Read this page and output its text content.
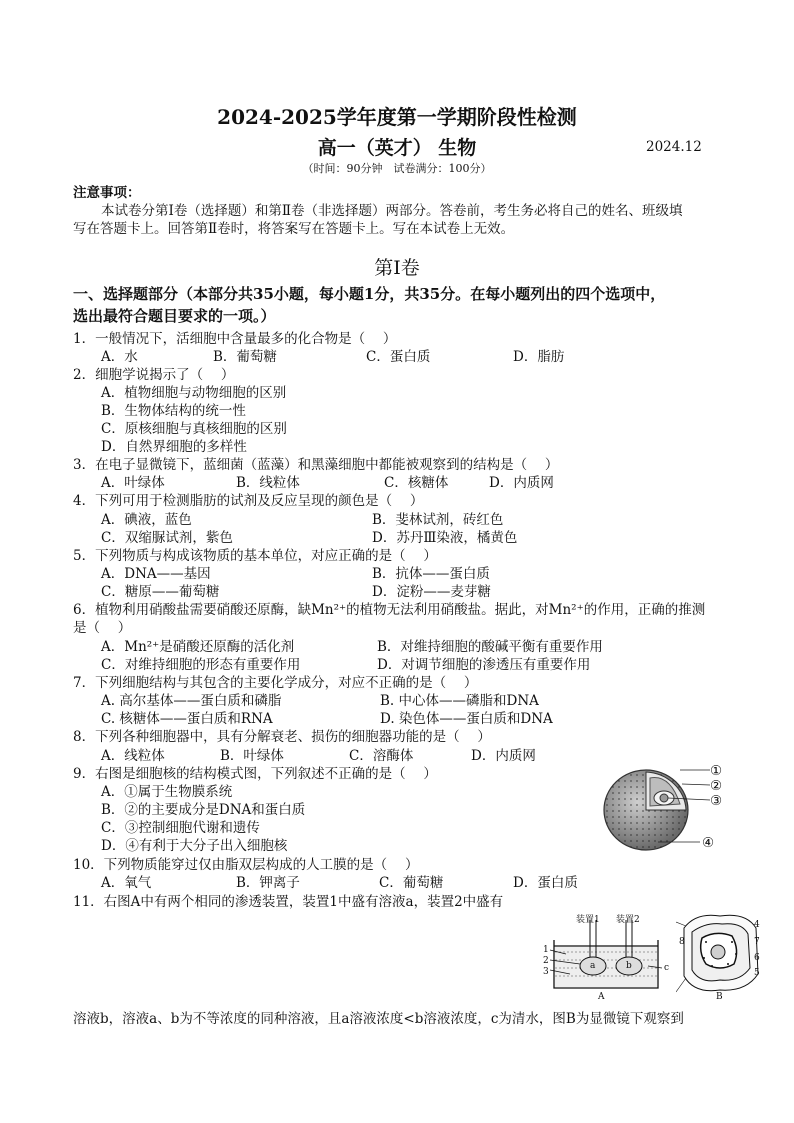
2024-2025学年度第一学期阶段性检测
高一（英才） 生物	2024.12
（时间：90分钟　试卷满分：100分）
注意事项：
本试卷分第Ⅰ卷（选择题）和第Ⅱ卷（非选择题）两部分。答卷前，考生务必将自己的姓名、班级填
写在答题卡上。回答第Ⅱ卷时，将答案写在答题卡上。写在本试卷上无效。
第Ⅰ卷
一、选择题部分（本部分共35小题，每小题1分，共35分。在每小题列出的四个选项中，
选出最符合题目要求的一项。）
1．一般情况下，活细胞中含量最多的化合物是（　 ）
A．水	B．葡萄糖	C．蛋白质	D．脂肪
2．细胞学说揭示了（　 ）
A．植物细胞与动物细胞的区别
B．生物体结构的统一性
C．原核细胞与真核细胞的区别
D．自然界细胞的多样性
3．在电子显微镜下，蓝细菌（蓝藻）和黑藻细胞中都能被观察到的结构是（　 ）
A．叶绿体	B．线粒体	C．核糖体	D．内质网
4．下列可用于检测脂肪的试剂及反应呈现的颜色是（　 ）
A．碘液，蓝色	B．斐林试剂，砖红色
C．双缩脲试剂，紫色	D．苏丹Ⅲ染液，橘黄色
5．下列物质与构成该物质的基本单位，对应正确的是（　 ）
A．DNA——基因	B．抗体——蛋白质
C．糖原——葡萄糖	D．淀粉——麦芽糖
6．植物利用硝酸盐需要硝酸还原酶，缺Mn²⁺的植物无法利用硝酸盐。据此，对Mn²⁺的作用，正确的推测
是（　 ）
A．Mn²⁺是硝酸还原酶的活化剂	B．对维持细胞的酸碱平衡有重要作用
C．对维持细胞的形态有重要作用	D．对调节细胞的渗透压有重要作用
7．下列细胞结构与其包含的主要化学成分，对应不正确的是（　 ）
A. 高尔基体——蛋白质和磷脂	B. 中心体——磷脂和DNA
C. 核糖体——蛋白质和RNA	D. 染色体——蛋白质和DNA
8．下列各种细胞器中，具有分解衰老、损伤的细胞器功能的是（　 ）
A．线粒体	B．叶绿体	C．溶酶体	D．内质网
9．右图是细胞核的结构模式图，下列叙述不正确的是（　 ）
A．①属于生物膜系统
B．②的主要成分是DNA和蛋白质
C．③控制细胞代谢和遗传
D．④有利于大分子出入细胞核
①
②
③
④
10．下列物质能穿过仅由脂双层构成的人工膜的是（　 ）
A．氧气	B．钾离子	C．葡萄糖	D．蛋白质
11．右图A中有两个相同的渗透装置，装置1中盛有溶液a，装置2中盛有
装置1 装置2
a	b	c
1
2
3
A
4
5
6
7
8
B
溶液b，溶液a、b为不等浓度的同种溶液，且a溶液浓度<b溶液浓度，c为清水，图B为显微镜下观察到
